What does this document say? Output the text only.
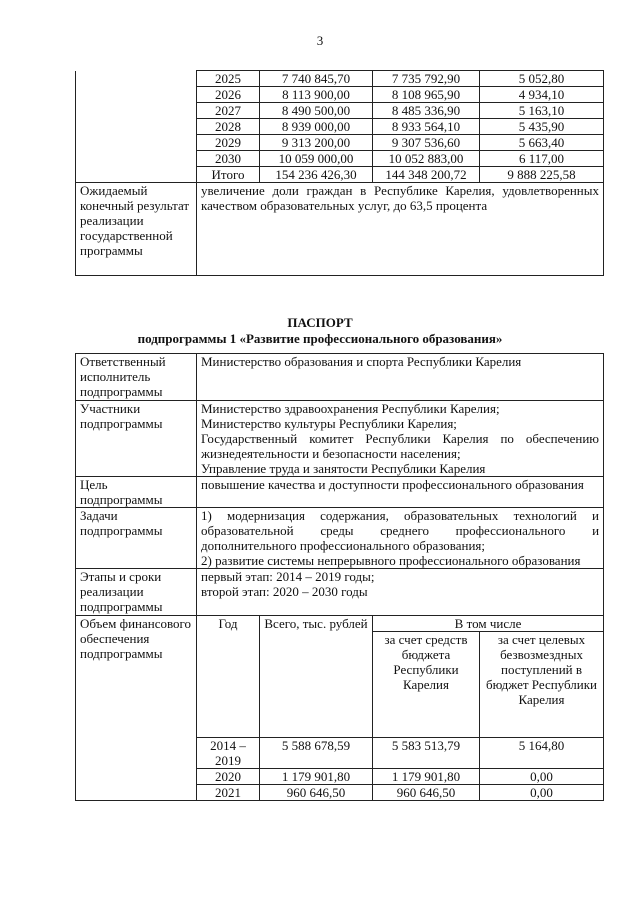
3
	2025	7 740 845,70	7 735 792,90	5 052,80
	2026	8 113 900,00	8 108 965,90	4 934,10
	2027	8 490 500,00	8 485 336,90	5 163,10
	2028	8 939 000,00	8 933 564,10	5 435,90
	2029	9 313 200,00	9 307 536,60	5 663,40
	2030	10 059 000,00	10 052 883,00	6 117,00
	Итого	154 236 426,30	144 348 200,72	9 888 225,58
Ожидаемый конечный результат реализации государственной программы	увеличение доли граждан в Республике Карелия, удовлетворенных качеством образовательных услуг, до 63,5 процента			
ПАСПОРТ
подпрограммы 1 «Развитие профессионального образования»
Ответственный исполнитель подпрограммы	Министерство образования и спорта Республики Карелия			
Участники подпрограммы	Министерство здравоохранения Республики Карелия;
Министерство культуры Республики Карелия;
Государственный комитет Республики Карелия по обеспечению жизнедеятельности и безопасности населения;
Управление труда и занятости Республики Карелия			

Цель подпрограммы	повышение качества и доступности профессионального образования			
Задачи подпрограммы	1) модернизация содержания, образовательных технологий и образовательной среды среднего профессионального и дополнительного профессионального образования;
2) развитие системы непрерывного профессионального образования			

Этапы и сроки реализации подпрограммы	первый этап: 2014 – 2019 годы;
второй этап: 2020 – 2030 годы			

Объем финансового обеспечения подпрограммы	Год	Всего, тыс. рублей	В том числе	
			за счет средств бюджета Республики Карелия	за счет целевых безвозмездных поступлений в бюджет Республики Карелия
	2014 – 2019	5 588 678,59	5 583 513,79	5 164,80
	2020	1 179 901,80	1 179 901,80	0,00
	2021	960 646,50	960 646,50	0,00
